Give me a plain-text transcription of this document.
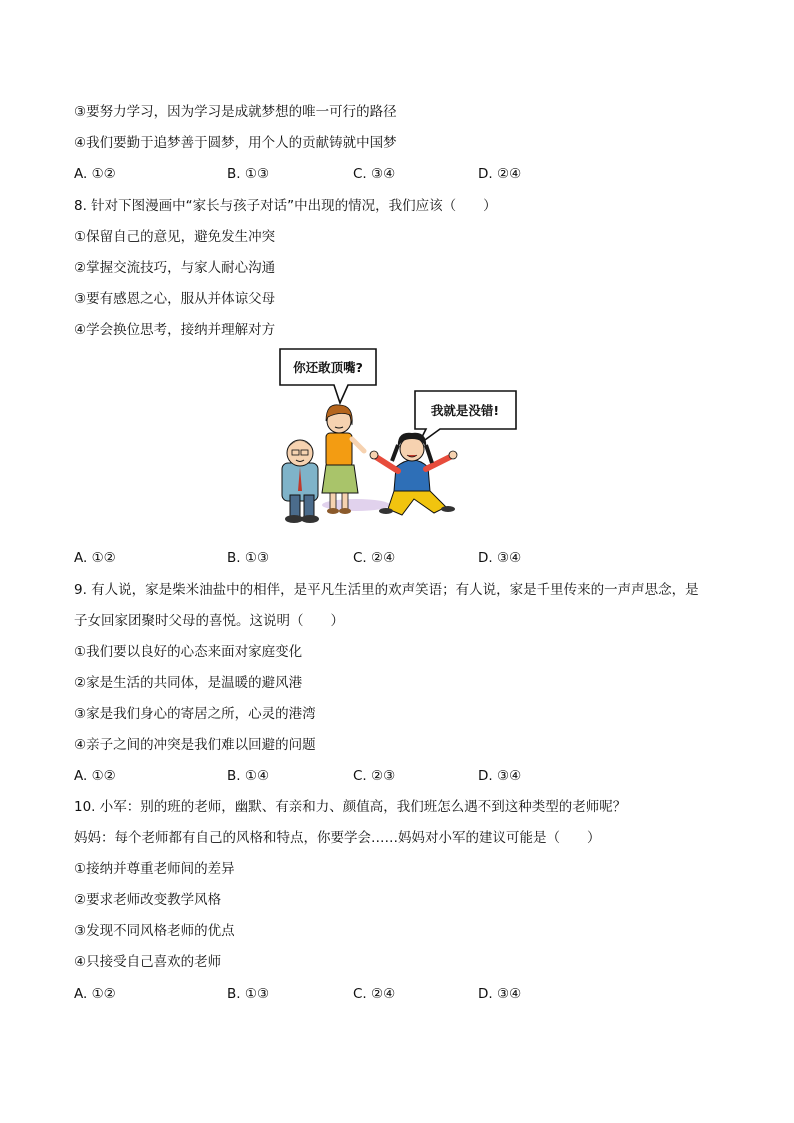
③要努力学习，因为学习是成就梦想的唯一可行的路径
④我们要勤于追梦善于圆梦，用个人的贡献铸就中国梦
A. ①②	B. ①③	C. ③④	D. ②④
8. 针对下图漫画中“家长与孩子对话”中出现的情况，我们应该（　　）
①保留自己的意见，避免发生冲突
②掌握交流技巧，与家人耐心沟通
③要有感恩之心，服从并体谅父母
④学会换位思考，接纳并理解对方
你还敢顶嘴?
我就是没错!
A. ①②	B. ①③	C. ②④	D. ③④
9. 有人说，家是柴米油盐中的相伴，是平凡生活里的欢声笑语；有人说，家是千里传来的一声声思念，是
子女回家团聚时父母的喜悦。这说明（　　）
①我们要以良好的心态来面对家庭变化
②家是生活的共同体，是温暖的避风港
③家是我们身心的寄居之所，心灵的港湾
④亲子之间的冲突是我们难以回避的问题
A. ①②	B. ①④	C. ②③	D. ③④
10. 小军：别的班的老师，幽默、有亲和力、颜值高，我们班怎么遇不到这种类型的老师呢？
妈妈：每个老师都有自己的风格和特点，你要学会……妈妈对小军的建议可能是（　　）
①接纳并尊重老师间的差异
②要求老师改变教学风格
③发现不同风格老师的优点
④只接受自己喜欢的老师
A. ①②	B. ①③	C. ②④	D. ③④
